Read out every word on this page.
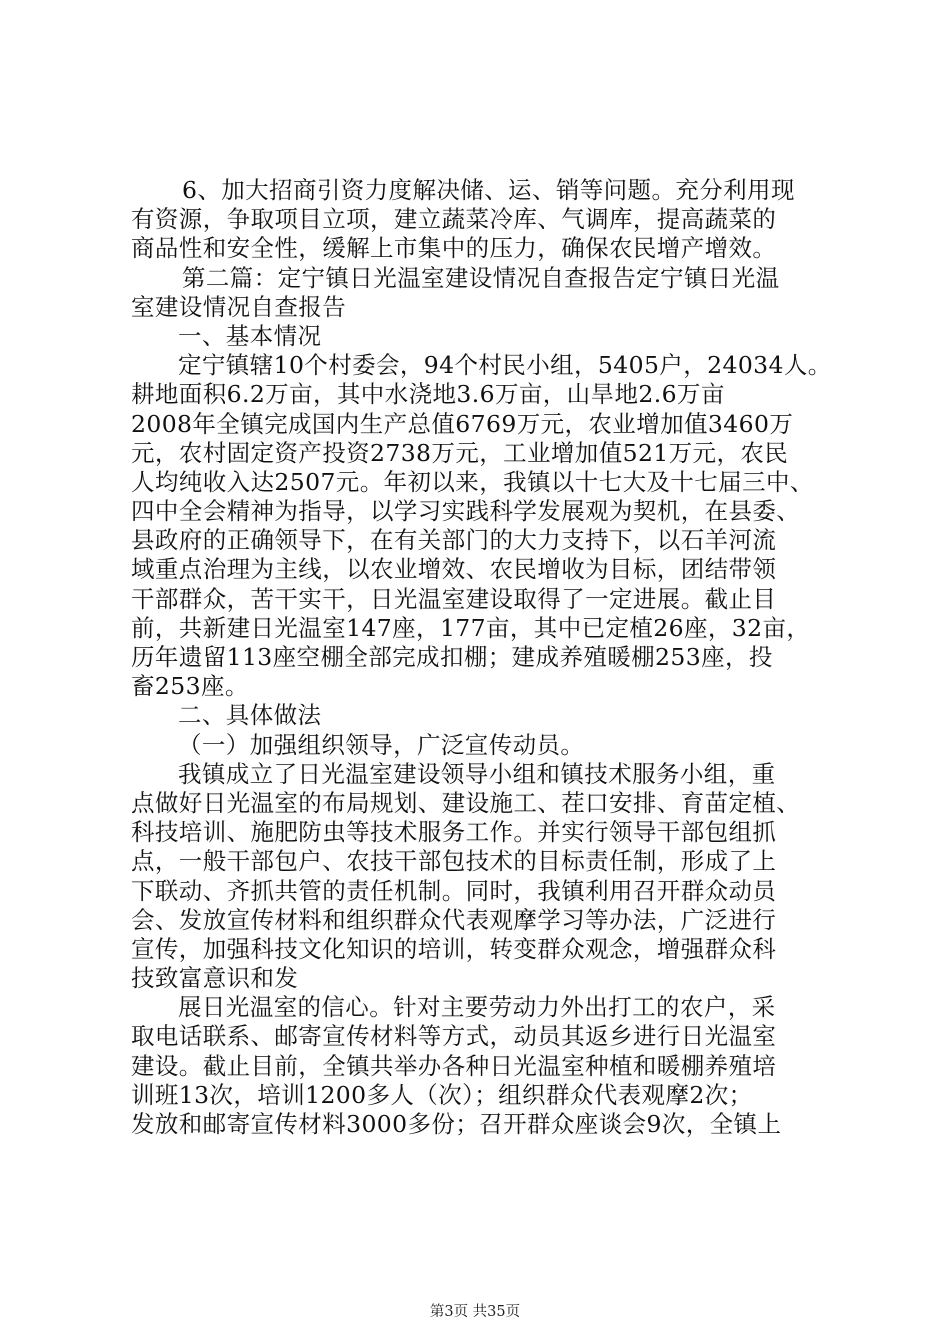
6、加大招商引资力度解决储、运、销等问题。充分利用现
有资源，争取项目立项，建立蔬菜冷库、气调库，提高蔬菜的
商品性和安全性，缓解上市集中的压力，确保农民增产增效。
第二篇：定宁镇日光温室建设情况自查报告定宁镇日光温
室建设情况自查报告
一、基本情况
定宁镇辖10个村委会，94个村民小组，5405户，24034人。
耕地面积6.2万亩，其中水浇地3.6万亩，山旱地2.6万亩
2008年全镇完成国内生产总值6769万元，农业增加值3460万
元，农村固定资产投资2738万元，工业增加值521万元，农民
人均纯收入达2507元。年初以来，我镇以十七大及十七届三中、
四中全会精神为指导，以学习实践科学发展观为契机，在县委、
县政府的正确领导下，在有关部门的大力支持下，以石羊河流
域重点治理为主线，以农业增效、农民增收为目标，团结带领
干部群众，苦干实干，日光温室建设取得了一定进展。截止目
前，共新建日光温室147座，177亩，其中已定植26座，32亩，
历年遗留113座空棚全部完成扣棚；建成养殖暖棚253座，投
畜253座。
二、具体做法
（一）加强组织领导，广泛宣传动员。
我镇成立了日光温室建设领导小组和镇技术服务小组，重
点做好日光温室的布局规划、建设施工、茬口安排、育苗定植、
科技培训、施肥防虫等技术服务工作。并实行领导干部包组抓
点，一般干部包户、农技干部包技术的目标责任制，形成了上
下联动、齐抓共管的责任机制。同时，我镇利用召开群众动员
会、发放宣传材料和组织群众代表观摩学习等办法，广泛进行
宣传，加强科技文化知识的培训，转变群众观念，增强群众科
技致富意识和发
展日光温室的信心。针对主要劳动力外出打工的农户，采
取电话联系、邮寄宣传材料等方式，动员其返乡进行日光温室
建设。截止目前，全镇共举办各种日光温室种植和暖棚养殖培
训班13次，培训1200多人（次）；组织群众代表观摩2次；
发放和邮寄宣传材料3000多份；召开群众座谈会9次，全镇上
第3页 共35页
